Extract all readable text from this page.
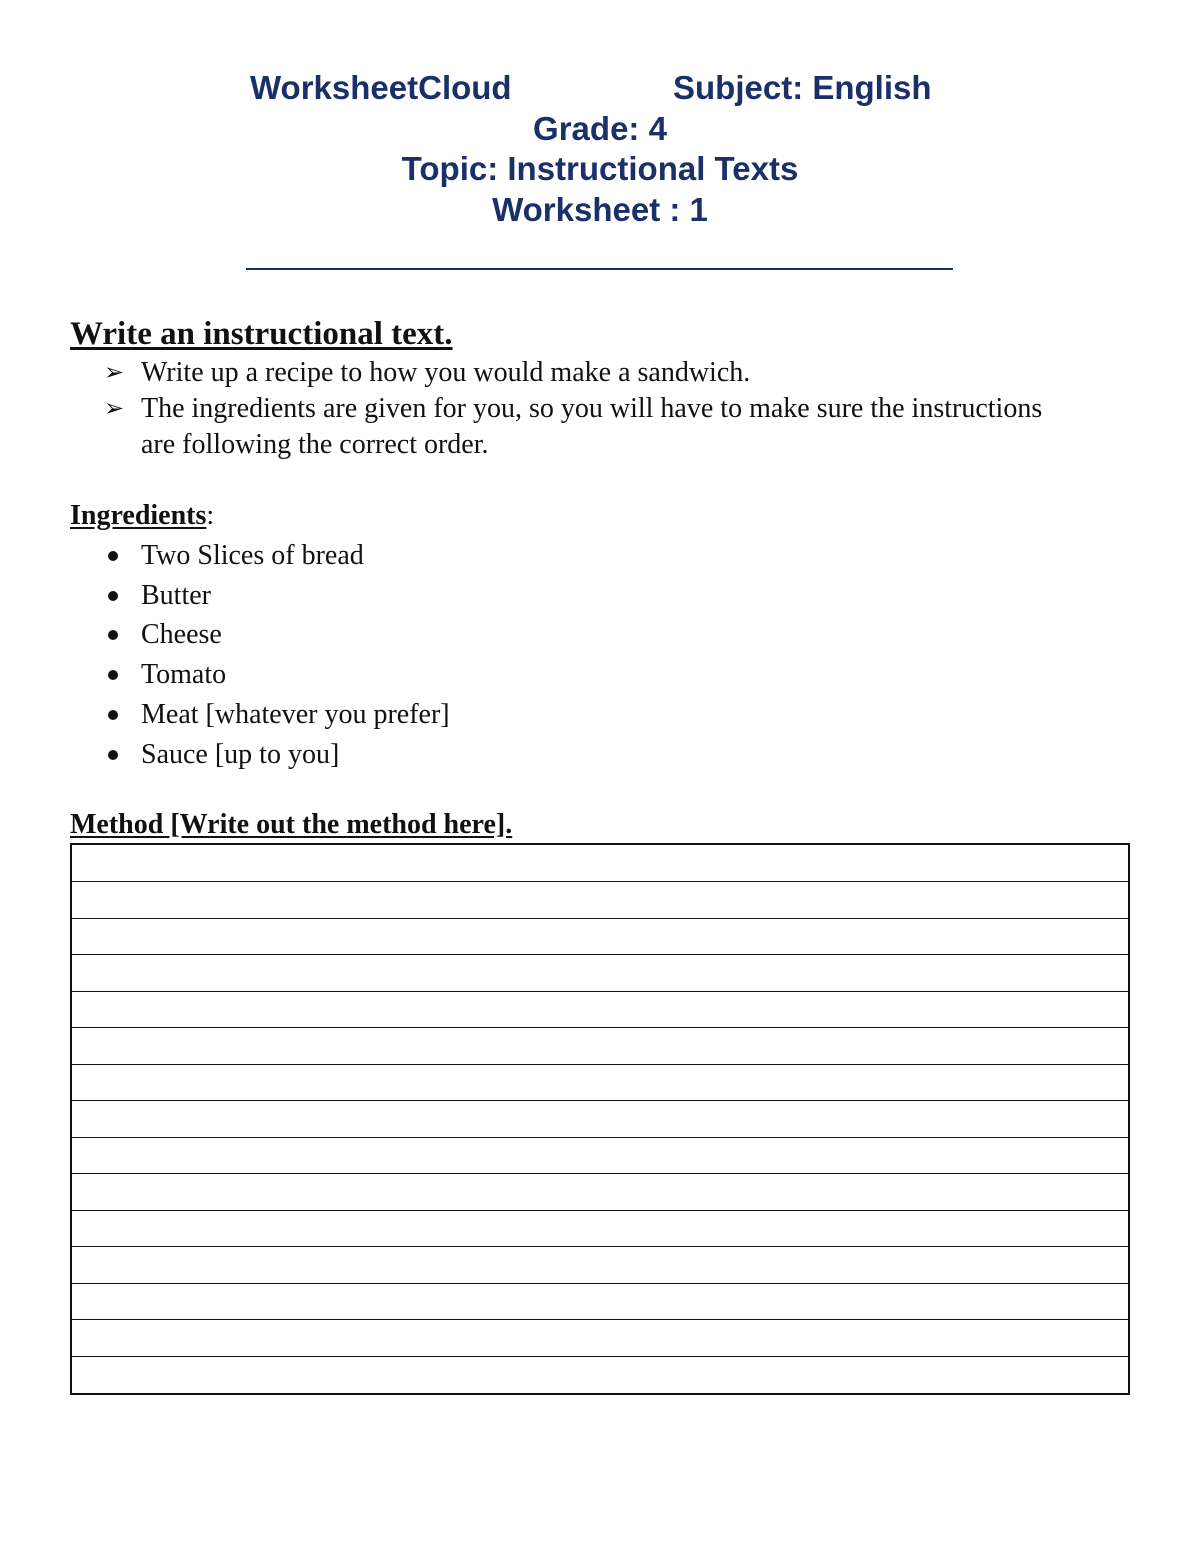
WorksheetCloud	Subject: English
Grade: 4
Topic: Instructional Texts
Worksheet : 1
Write an instructional text.
➢ Write up a recipe to how you would make a sandwich.
➢ The ingredients are given for you, so you will have to make sure the instructions are following the correct order.
Ingredients:
Two Slices of bread
Butter
Cheese
Tomato
Meat [whatever you prefer]
Sauce [up to you]
Method [Write out the method here].
